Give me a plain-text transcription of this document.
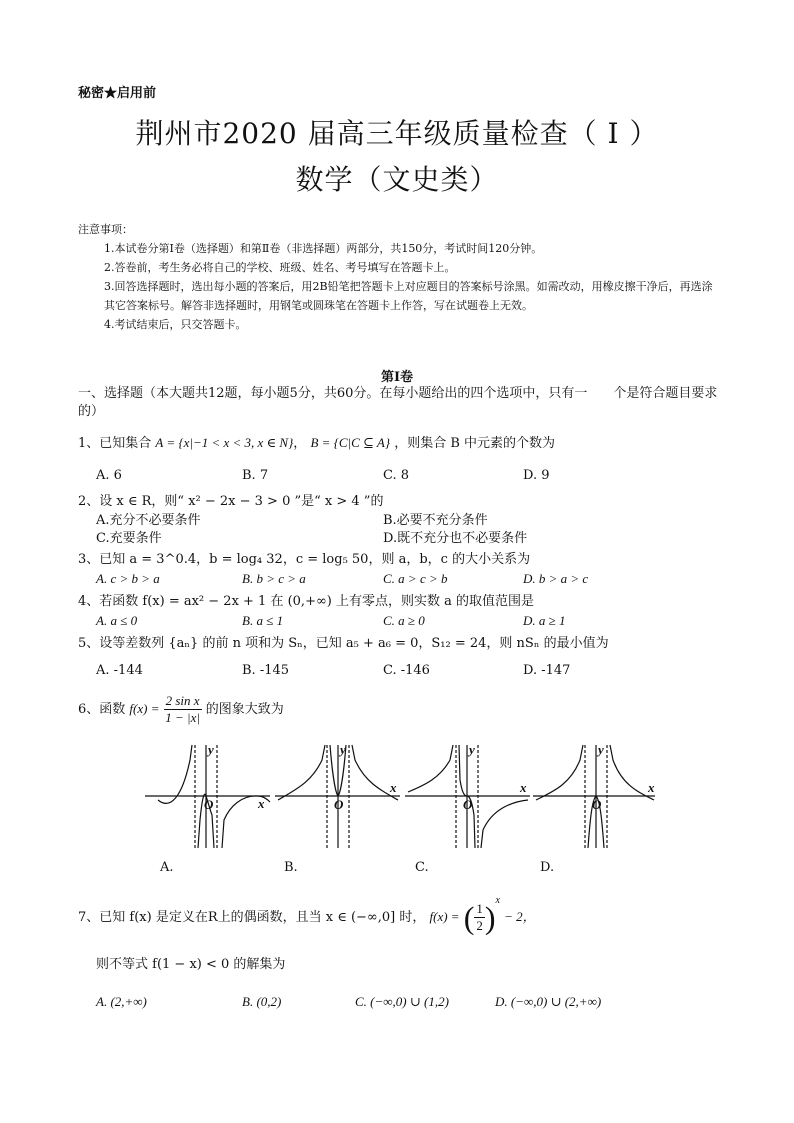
秘密★启用前
荆州市2020 届高三年级质量检查（ Ⅰ ）
数学（文史类）
注意事项：
1.本试卷分第Ⅰ卷（选择题）和第Ⅱ卷（非选择题）两部分，共150分，考试时间120分钟。
2.答卷前，考生务必将自己的学校、班级、姓名、考号填写在答题卡上。
3.回答选择题时，选出每小题的答案后，用2B铅笔把答题卡上对应题目的答案标号涂黑。如需改动，用橡皮擦干净后，再选涂其它答案标号。解答非选择题时，用钢笔或圆珠笔在答题卡上作答，写在试题卷上无效。
4.考试结束后，只交答题卡。
第Ⅰ卷
一、选择题（本大题共12题，每小题5分，共60分。在每小题给出的四个选项中，只有一　　个是符合题目要求的）
1、已知集合 A = {x|−1 < x < 3, x ∈ N}， B = {C|C ⊆ A} ，则集合 B 中元素的个数为
A. 6	B. 7	C. 8	D. 9
2、设 x ∈ R，则“ x² − 2x − 3 > 0 ”是“ x > 4 ”的
A.充分不必要条件	B.必要不充分条件
C.充要条件	D.既不充分也不必要条件
3、已知 a = 3^0.4，b = log₄ 32，c = log₅ 50，则 a，b，c 的大小关系为
A. c > b > a	B. b > c > a	C. a > c > b	D. b > a > c
4、若函数 f(x) = ax² − 2x + 1 在 (0,+∞) 上有零点，则实数 a 的取值范围是
A. a ≤ 0	B. a ≤ 1	C. a ≥ 0	D. a ≥ 1
5、设等差数列 {aₙ} 的前 n 项和为 Sₙ，已知 a₅ + a₆ = 0，S₁₂ = 24，则 nSₙ 的最小值为
A. -144	B. -145	C. -146	D. -147
6、函数 $f(x) = \frac{\text{2 sin x}}{1 - |x|}$ 的图象大致为
y
x
O
y
x
O
y
x
O
y
x
O
A.	B.	C.	D.
7、已知 f(x) 是定义在R上的偶函数，且当 x ∈ (−∞,0] 时， f(x) = ( $\frac{1}{2} )^x - 2$，
则不等式 f(1 − x) < 0 的解集为
A. (2,+∞)	B. (0,2)	C. (−∞,0) ∪ (1,2)	D. (−∞,0) ∪ (2,+∞)
